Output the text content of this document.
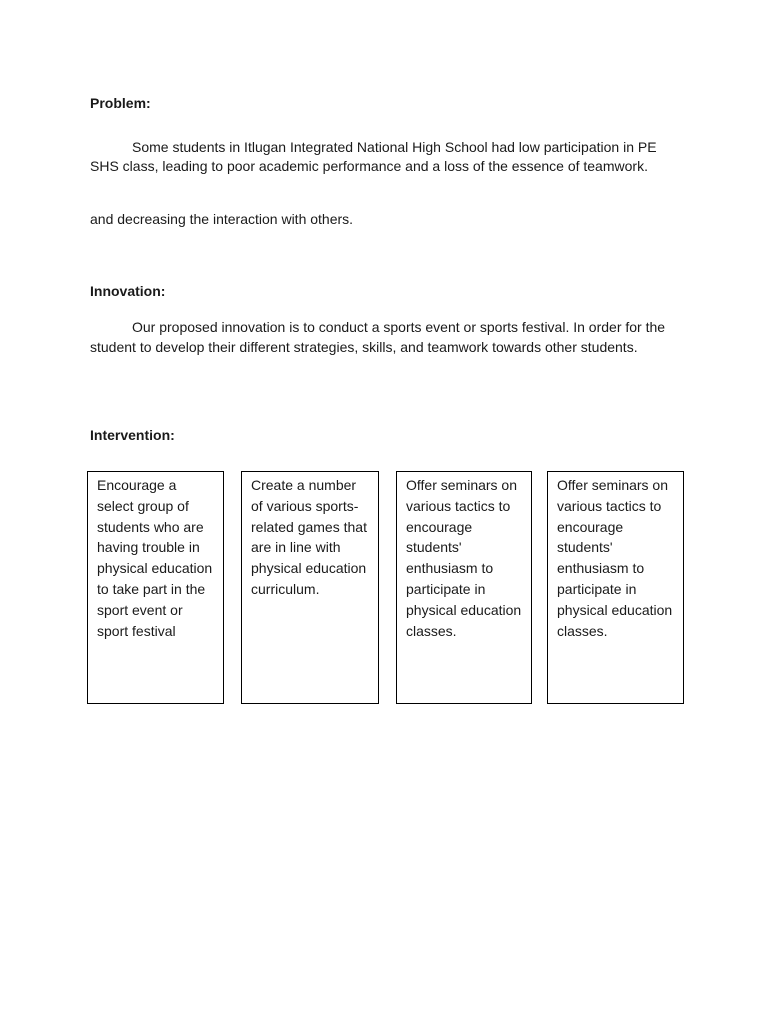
Problem:

Some students in Itlugan Integrated National High School had low participation in PE SHS class, leading to poor academic performance and a loss of the essence of teamwork.

and decreasing the interaction with others.

Innovation:

Our proposed innovation is to conduct a sports event or sports festival. In order for the student to develop their different strategies, skills, and teamwork towards other students.

Intervention:
Encourage a select group of students who are having trouble in physical education to take part in the sport event or sport festival
Create a number of various sports-related games that are in line with physical education curriculum.
Offer seminars on various tactics to encourage students' enthusiasm to participate in physical education classes.
Offer seminars on various tactics to encourage students' enthusiasm to participate in physical education classes.
